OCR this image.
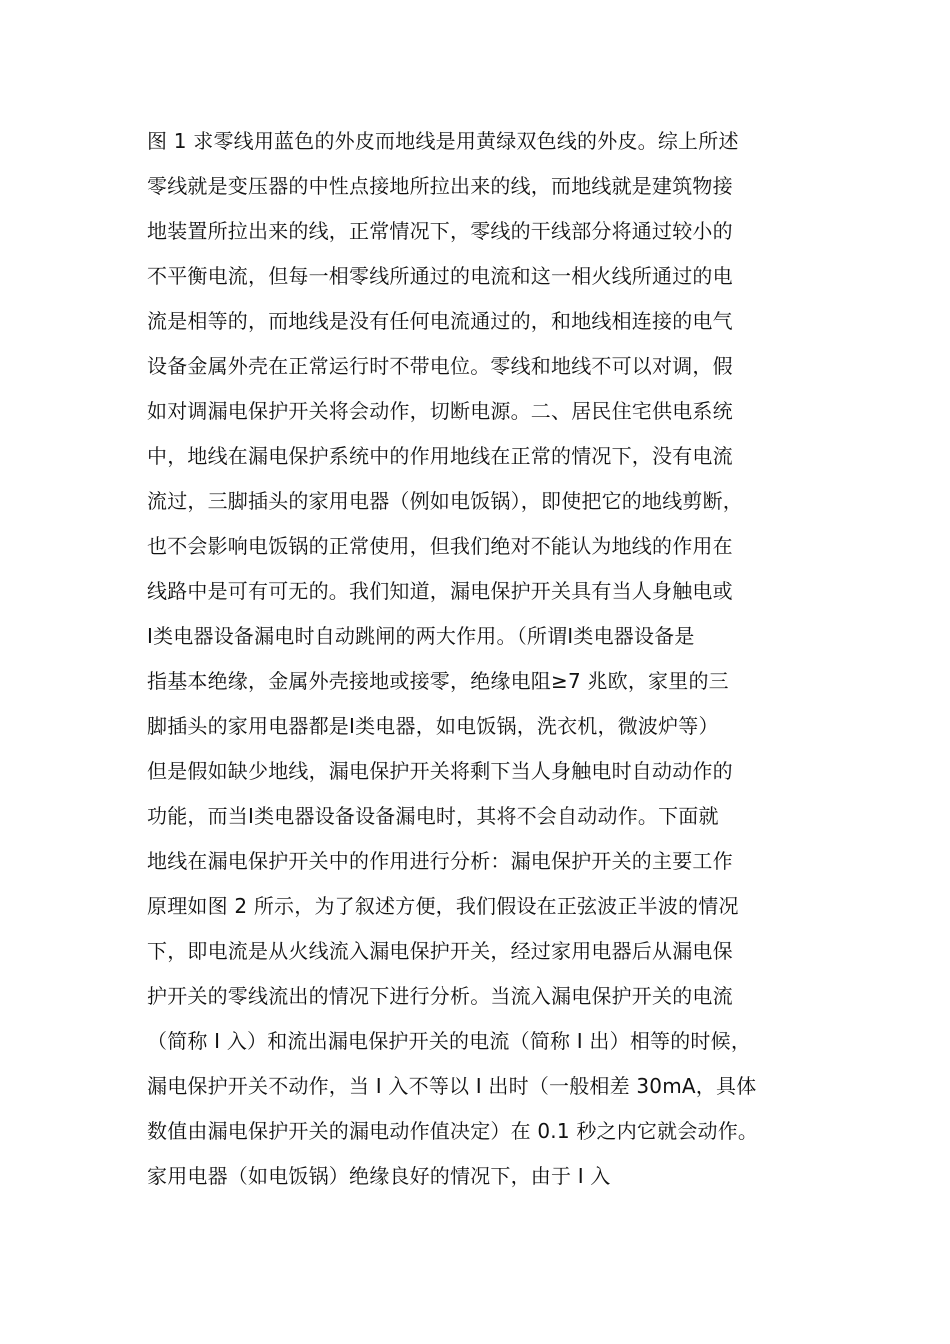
图 1 求零线用蓝色的外皮而地线是用黄绿双色线的外皮。综上所述
零线就是变压器的中性点接地所拉出来的线，而地线就是建筑物接
地装置所拉出来的线，正常情况下，零线的干线部分将通过较小的
不平衡电流，但每一相零线所通过的电流和这一相火线所通过的电
流是相等的，而地线是没有任何电流通过的，和地线相连接的电气
设备金属外壳在正常运行时不带电位。零线和地线不可以对调，假
如对调漏电保护开关将会动作，切断电源。二、居民住宅供电系统
中，地线在漏电保护系统中的作用地线在正常的情况下，没有电流
流过，三脚插头的家用电器（例如电饭锅），即使把它的地线剪断，
也不会影响电饭锅的正常使用，但我们绝对不能认为地线的作用在
线路中是可有可无的。我们知道，漏电保护开关具有当人身触电或
Ⅰ类电器设备漏电时自动跳闸的两大作用。（所谓Ⅰ类电器设备是
指基本绝缘，金属外壳接地或接零，绝缘电阻≥7 兆欧，家里的三
脚插头的家用电器都是Ⅰ类电器，如电饭锅，洗衣机，微波炉等）
但是假如缺少地线，漏电保护开关将剩下当人身触电时自动动作的
功能，而当Ⅰ类电器设备设备漏电时，其将不会自动动作。下面就
地线在漏电保护开关中的作用进行分析：漏电保护开关的主要工作
原理如图 2 所示，为了叙述方便，我们假设在正弦波正半波的情况
下，即电流是从火线流入漏电保护开关，经过家用电器后从漏电保
护开关的零线流出的情况下进行分析。当流入漏电保护开关的电流
（简称 I 入）和流出漏电保护开关的电流（简称 I 出）相等的时候，
漏电保护开关不动作，当 I 入不等以 I 出时（一般相差 30mA，具体
数值由漏电保护开关的漏电动作值决定）在 0.1 秒之内它就会动作。
家用电器（如电饭锅）绝缘良好的情况下，由于 I 入
